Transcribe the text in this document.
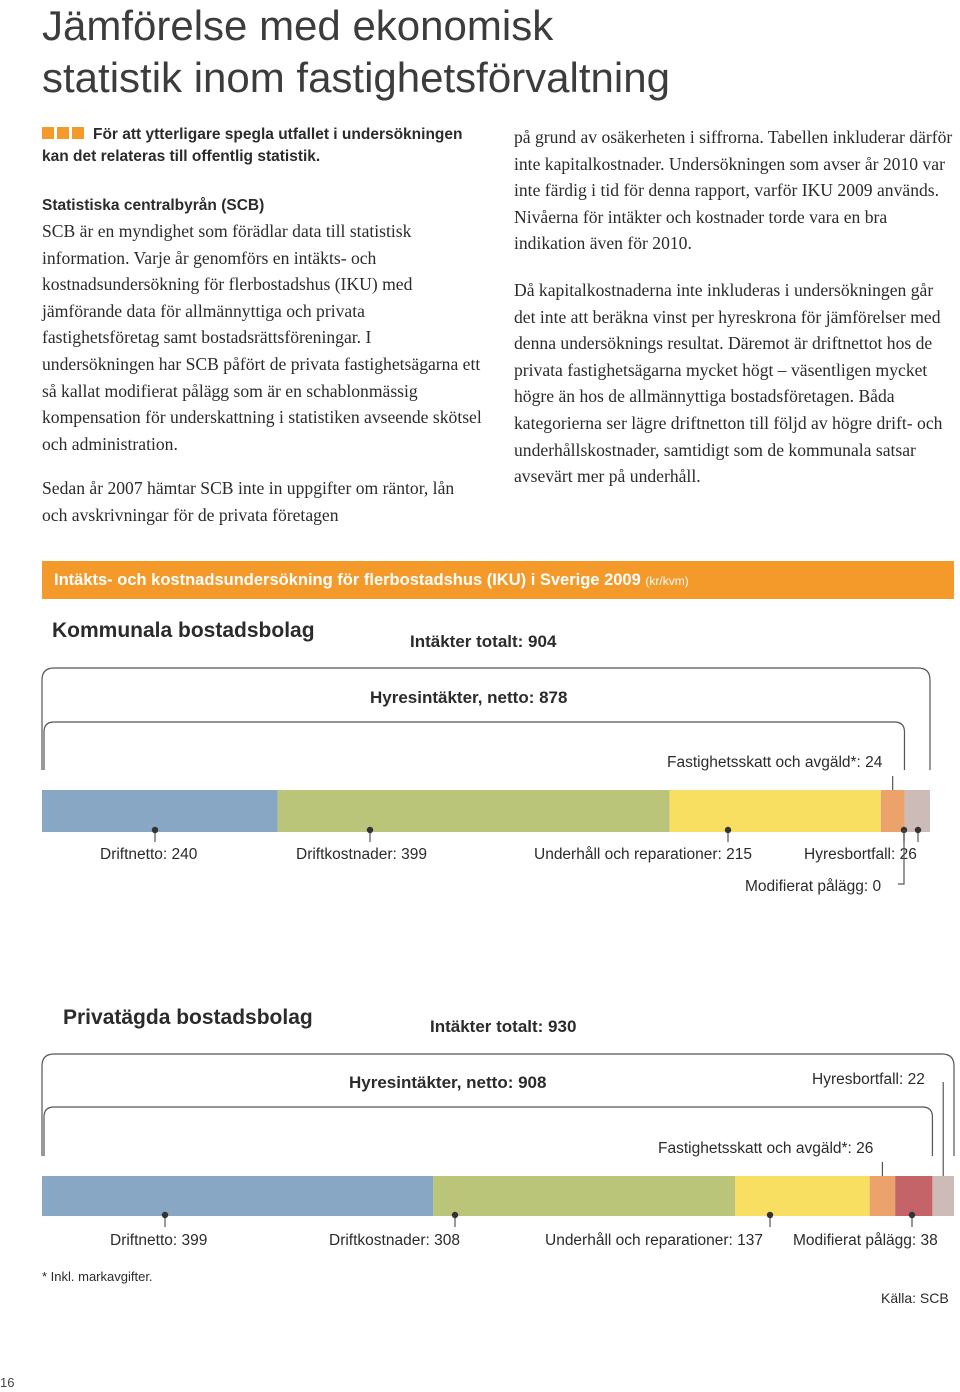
Jämförelse med ekonomisk
statistik inom fastighetsförvaltning

För att ytterligare spegla utfallet i undersökningen kan det relateras till offentlig statistik.

Statistiska centralbyrån (SCB)

SCB är en myndighet som förädlar data till statistisk information. Varje år genomförs en intäkts- och kostnadsundersökning för flerbostadshus (IKU) med jämförande data för allmännyttiga och privata fastighetsföretag samt bostadsrättsföreningar. I undersökningen har SCB påfört de privata fastighetsägarna ett så kallat modifierat pålägg som är en schablonmässig kompensation för underskattning i statistiken avseende skötsel och administration.

Sedan år 2007 hämtar SCB inte in uppgifter om räntor, lån och avskrivningar för de privata företagen

på grund av osäkerheten i siffrorna. Tabellen inkluderar därför inte kapitalkostnader. Undersökningen som avser år 2010 var inte färdig i tid för denna rapport, varför IKU 2009 används. Nivåerna för intäkter och kostnader torde vara en bra indikation även för 2010.

Då kapitalkostnaderna inte inkluderas i undersökningen går det inte att beräkna vinst per hyreskrona för jämförelser med denna undersöknings resultat. Däremot är driftnettot hos de privata fastighetsägarna mycket högt – väsentligen mycket högre än hos de allmännyttiga bostadsföretagen. Båda kategorierna ser lägre driftnetton till följd av högre drift- och underhållskostnader, samtidigt som de kommunala satsar avsevärt mer på underhåll.

Intäkts- och kostnadsundersökning för flerbostadshus (IKU) i Sverige 2009 (kr/kvm)
Kommunala bostadsbolag	Intäkter totalt: 904
Hyresintäkter, netto: 878
Fastighetsskatt och avgäld*: 24
Driftnetto: 240	Driftkostnader: 399	Underhåll och reparationer: 215	Hyresbortfall: 26
Modifierat pålägg: 0
Privatägda bostadsbolag	Intäkter totalt: 930
Hyresintäkter, netto: 908	Hyresbortfall: 22
Fastighetsskatt och avgäld*: 26
Driftnetto: 399	Driftkostnader: 308	Underhåll och reparationer: 137 Modifierat pålägg: 38
* Inkl. markavgifter.
Källa: SCB
16
